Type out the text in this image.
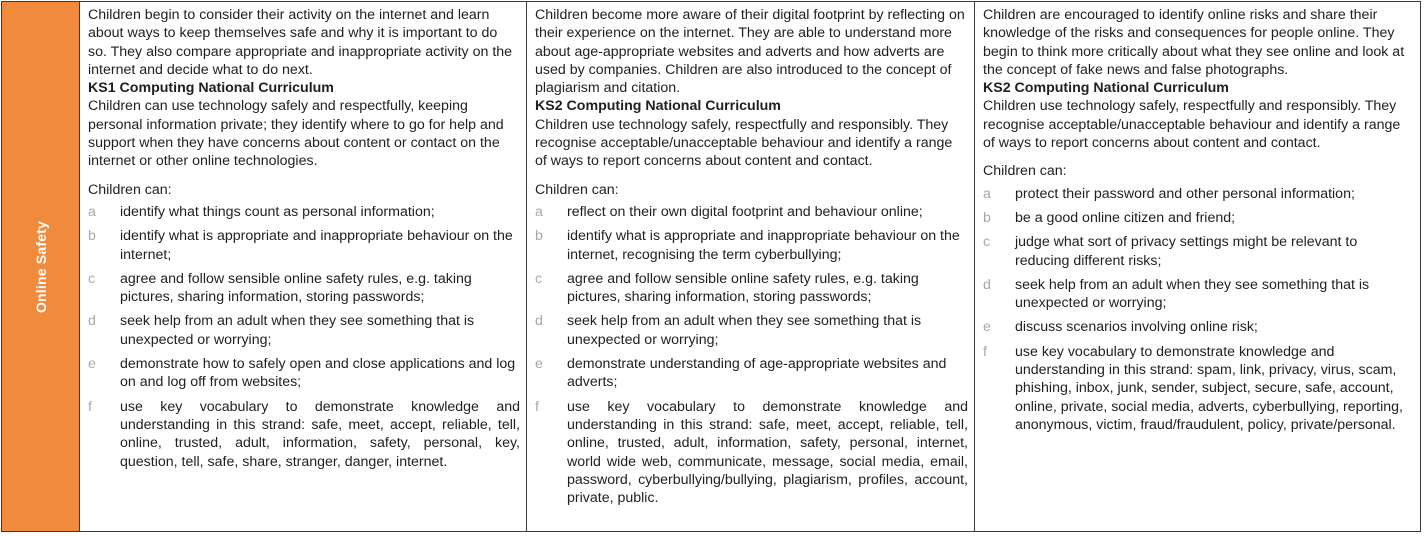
Online Safety

Children begin to consider their activity on the internet and learn about ways to keep themselves safe and why it is important to do so. They also compare appropriate and inappropriate activity on the internet and decide what to do next.

KS1 Computing National Curriculum

Children can use technology safely and respectfully, keeping personal information private; they identify where to go for help and support when they have concerns about content or contact on the internet or other online technologies.

Children can:

a identify what things count as personal information;
b identify what is appropriate and inappropriate behaviour on the internet;
c agree and follow sensible online safety rules, e.g. taking pictures, sharing information, storing passwords;
d seek help from an adult when they see something that is unexpected or worrying;
e demonstrate how to safely open and close applications and log on and log off from websites;
f use key vocabulary to demonstrate knowledge and understanding in this strand: safe, meet, accept, reliable, tell, online, trusted, adult, information, safety, personal, key, question, tell, safe, share, stranger, danger, internet.

Children become more aware of their digital footprint by reflecting on their experience on the internet. They are able to understand more about age-appropriate websites and adverts and how adverts are used by companies. Children are also introduced to the concept of plagiarism and citation.

KS2 Computing National Curriculum

Children use technology safely, respectfully and responsibly. They recognise acceptable/unacceptable behaviour and identify a range of ways to report concerns about content and contact.

Children can:

a reflect on their own digital footprint and behaviour online;
b identify what is appropriate and inappropriate behaviour on the internet, recognising the term cyberbullying;
c agree and follow sensible online safety rules, e.g. taking pictures, sharing information, storing passwords;
d seek help from an adult when they see something that is unexpected or worrying;
e demonstrate understanding of age-appropriate websites and adverts;
f use key vocabulary to demonstrate knowledge and understanding in this strand: safe, meet, accept, reliable, tell, online, trusted, adult, information, safety, personal, internet, world wide web, communicate, message, social media, email, password, cyberbullying/bullying, plagiarism, profiles, account, private, public.

Children are encouraged to identify online risks and share their knowledge of the risks and consequences for people online. They begin to think more critically about what they see online and look at the concept of fake news and false photographs.

KS2 Computing National Curriculum

Children use technology safely, respectfully and responsibly. They recognise acceptable/unacceptable behaviour and identify a range of ways to report concerns about content and contact.

Children can:

a protect their password and other personal information;
b be a good online citizen and friend;
c judge what sort of privacy settings might be relevant to reducing different risks;
d seek help from an adult when they see something that is unexpected or worrying;
e discuss scenarios involving online risk;
f use key vocabulary to demonstrate knowledge and understanding in this strand: spam, link, privacy, virus, scam, phishing, inbox, junk, sender, subject, secure, safe, account, online, private, social media, adverts, cyberbullying, reporting, anonymous, victim, fraud/fraudulent, policy, private/personal.
